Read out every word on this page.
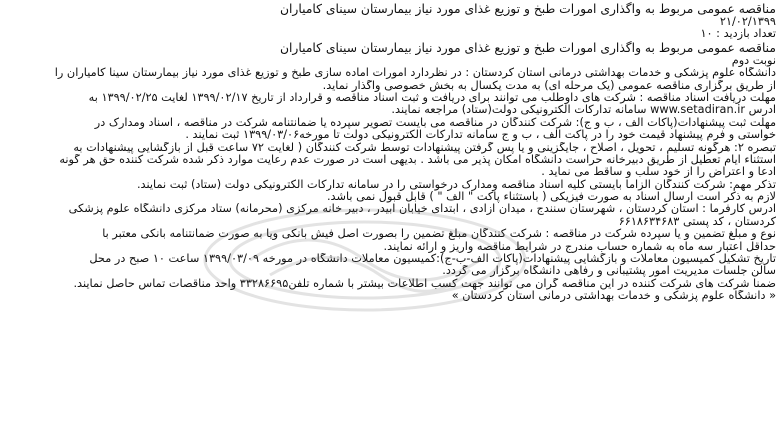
مناقصه عمومی مربوط به واگذاری امورات طبخ و توزیع غذای مورد نیاز بیمارستان سینای کامیاران
۲۱/۰۲/۱۳۹۹
تعداد بازدید : ۱۰
مناقصه عمومی مربوط به واگذاری امورات طبخ و توزیع غذای مورد نیاز بیمارستان سینای کامیاران
نوبت دوم
دانشگاه علوم پزشکی و خدمات بهداشتی درمانی استان کردستان : در نظردارد امورات آماده سازی طبخ و توزیع غذای مورد نیاز بیمارستان سینا کامیاران را
از طریق برگزاری مناقصه عمومی (یک مرحله ای) به مدت یکسال به بخش خصوصی واگذار نماید.
مهلت دریافت اسناد مناقصه : شرکت های داوطلب می توانند برای دریافت و ثبت اسناد مناقصه و قرارداد از تاریخ ۱۳۹۹/۰۲/۱۷ لغایت ۱۳۹۹/۰۲/۲۵ به
آدرس www.setadiran.ir سامانه تدارکات الکترونیکی دولت(ستاد) مراجعه نمایند.
مهلت ثبت پیشنهادات(پاکات الف ، ب و ج): شرکت کنندگان در مناقصه می بایست تصویر سپرده یا ضمانتنامه شرکت در مناقصه ، اسناد ومدارک در
خواستی و فرم پیشنهاد قیمت خود را در پاکت الف ، ب و ج سامانه تدارکات الکترونیکی دولت تا مورخه۱۳۹۹/۰۳/۰۶ ثبت نمایند .
تبصره ۲: هرگونه تسلیم ، تحویل ، اصلاح ، جایگزینی و یا پس گرفتن پیشنهادات توسط شرکت کنندگان ( لغایت ۷۲ ساعت قبل از بازگشایی پیشنهادات به
استثناء ایام تعطیل از طریق دبیرخانه حراست دانشگاه امکان پذیر می باشد . بدیهی است در صورت عدم رعایت موارد ذکر شده شرکت کننده حق هر گونه
ادعا و اعتراض را از خود سلب و ساقط می نماید .
تذکر مهم: شرکت کنندگان الزاماً بایستی کلیه اسناد مناقصه ومدارک درخواستی را در سامانه تدارکات الکترونیکی دولت (ستاد) ثبت نمایند.
لازم به ذکر است ارسال اسناد به صورت فیزیکی ( باستثناء پاکت " الف " ) قابل قبول نمی باشد.
آدرس کارفرما : استان کردستان ، شهرستان سنندج ، میدان آزادی ، ابتدای خیابان آبیدر ، دبیر خانه مرکزی (محرمانه) ستاد مرکزی دانشگاه علوم پزشکی
کردستان ، کد پستی ۶۶۱۸۶۳۴۶۸۳
نوع و مبلغ تضمین و یا سپرده شرکت در مناقصه : شرکت کنندگان مبلغ تضمین را بصورت اصل فیش بانکی ویا به صورت ضمانتنامه بانکی معتبر با
حداقل اعتبار سه ماه به شماره حساب مندرج در شرایط مناقصه واریز و ارائه نمایند.
تاریخ تشکیل کمیسیون معاملات و بازگشایی پیشنهادات(پاکات الف-ب-ج):کمیسیون معاملات دانشگاه در مورخه ۱۳۹۹/۰۳/۰۹ ساعت ۱۰ صبح در محل
سالن جلسات مدیریت امور پشتیبانی و رفاهی دانشگاه برگزار می گردد.
ضمناً شرکت های شرکت کننده در این مناقصه گران می توانند جهت کسب اطلاعات بیشتر با شماره تلفن۳۳۲۸۶۶۹۵ واحد مناقصات تماس حاصل نمایند.
« دانشگاه علوم پزشکی و خدمات بهداشتی درمانی استان کردستان »
